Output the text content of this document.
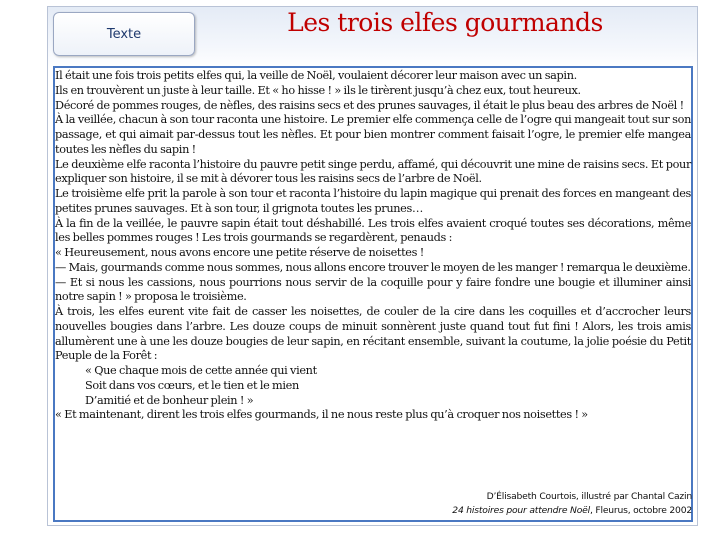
Texte	Les trois elfes gourmands

Il était une fois trois petits elfes qui, la veille de Noël, voulaient décorer leur maison avec un sapin.

Ils en trouvèrent un juste à leur taille. Et « ho hisse ! » ils le tirèrent jusqu’à chez eux, tout heureux.

Décoré de pommes rouges, de nèfles, des raisins secs et des prunes sauvages, il était le plus beau des arbres de Noël !

À la veillée, chacun à son tour raconta une histoire. Le premier elfe commença celle de l’ogre qui mangeait tout sur son passage, et qui aimait par-dessus tout les nèfles. Et pour bien montrer comment faisait l’ogre, le premier elfe mangea toutes les nèfles du sapin !

Le deuxième elfe raconta l’histoire du pauvre petit singe perdu, affamé, qui découvrit une mine de raisins secs. Et pour expliquer son histoire, il se mit à dévorer tous les raisins secs de l’arbre de Noël.

Le troisième elfe prit la parole à son tour et raconta l’histoire du lapin magique qui prenait des forces en mangeant des petites prunes sauvages. Et à son tour, il grignota toutes les prunes…

À la fin de la veillée, le pauvre sapin était tout déshabillé. Les trois elfes avaient croqué toutes ses décorations, même les belles pommes rouges ! Les trois gourmands se regardèrent, penauds :

« Heureusement, nous avons encore une petite réserve de noisettes !

— Mais, gourmands comme nous sommes, nous allons encore trouver le moyen de les manger ! remarqua le deuxième.

— Et si nous les cassions, nous pourrions nous servir de la coquille pour y faire fondre une bougie et illuminer ainsi notre sapin ! » proposa le troisième.

À trois, les elfes eurent vite fait de casser les noisettes, de couler de la cire dans les coquilles et d’accrocher leurs nouvelles bougies dans l’arbre. Les douze coups de minuit sonnèrent juste quand tout fut fini ! Alors, les trois amis allumèrent une à une les douze bougies de leur sapin, en récitant ensemble, suivant la coutume, la jolie poésie du Petit Peuple de la Forêt :

« Que chaque mois de cette année qui vient

Soit dans vos cœurs, et le tien et le mien

D’amitié et de bonheur plein ! »

« Et maintenant, dirent les trois elfes gourmands, il ne nous reste plus qu’à croquer nos noisettes ! »

D’Élisabeth Courtois, illustré par Chantal Cazin
24 histoires pour attendre Noël, Fleurus, octobre 2002
